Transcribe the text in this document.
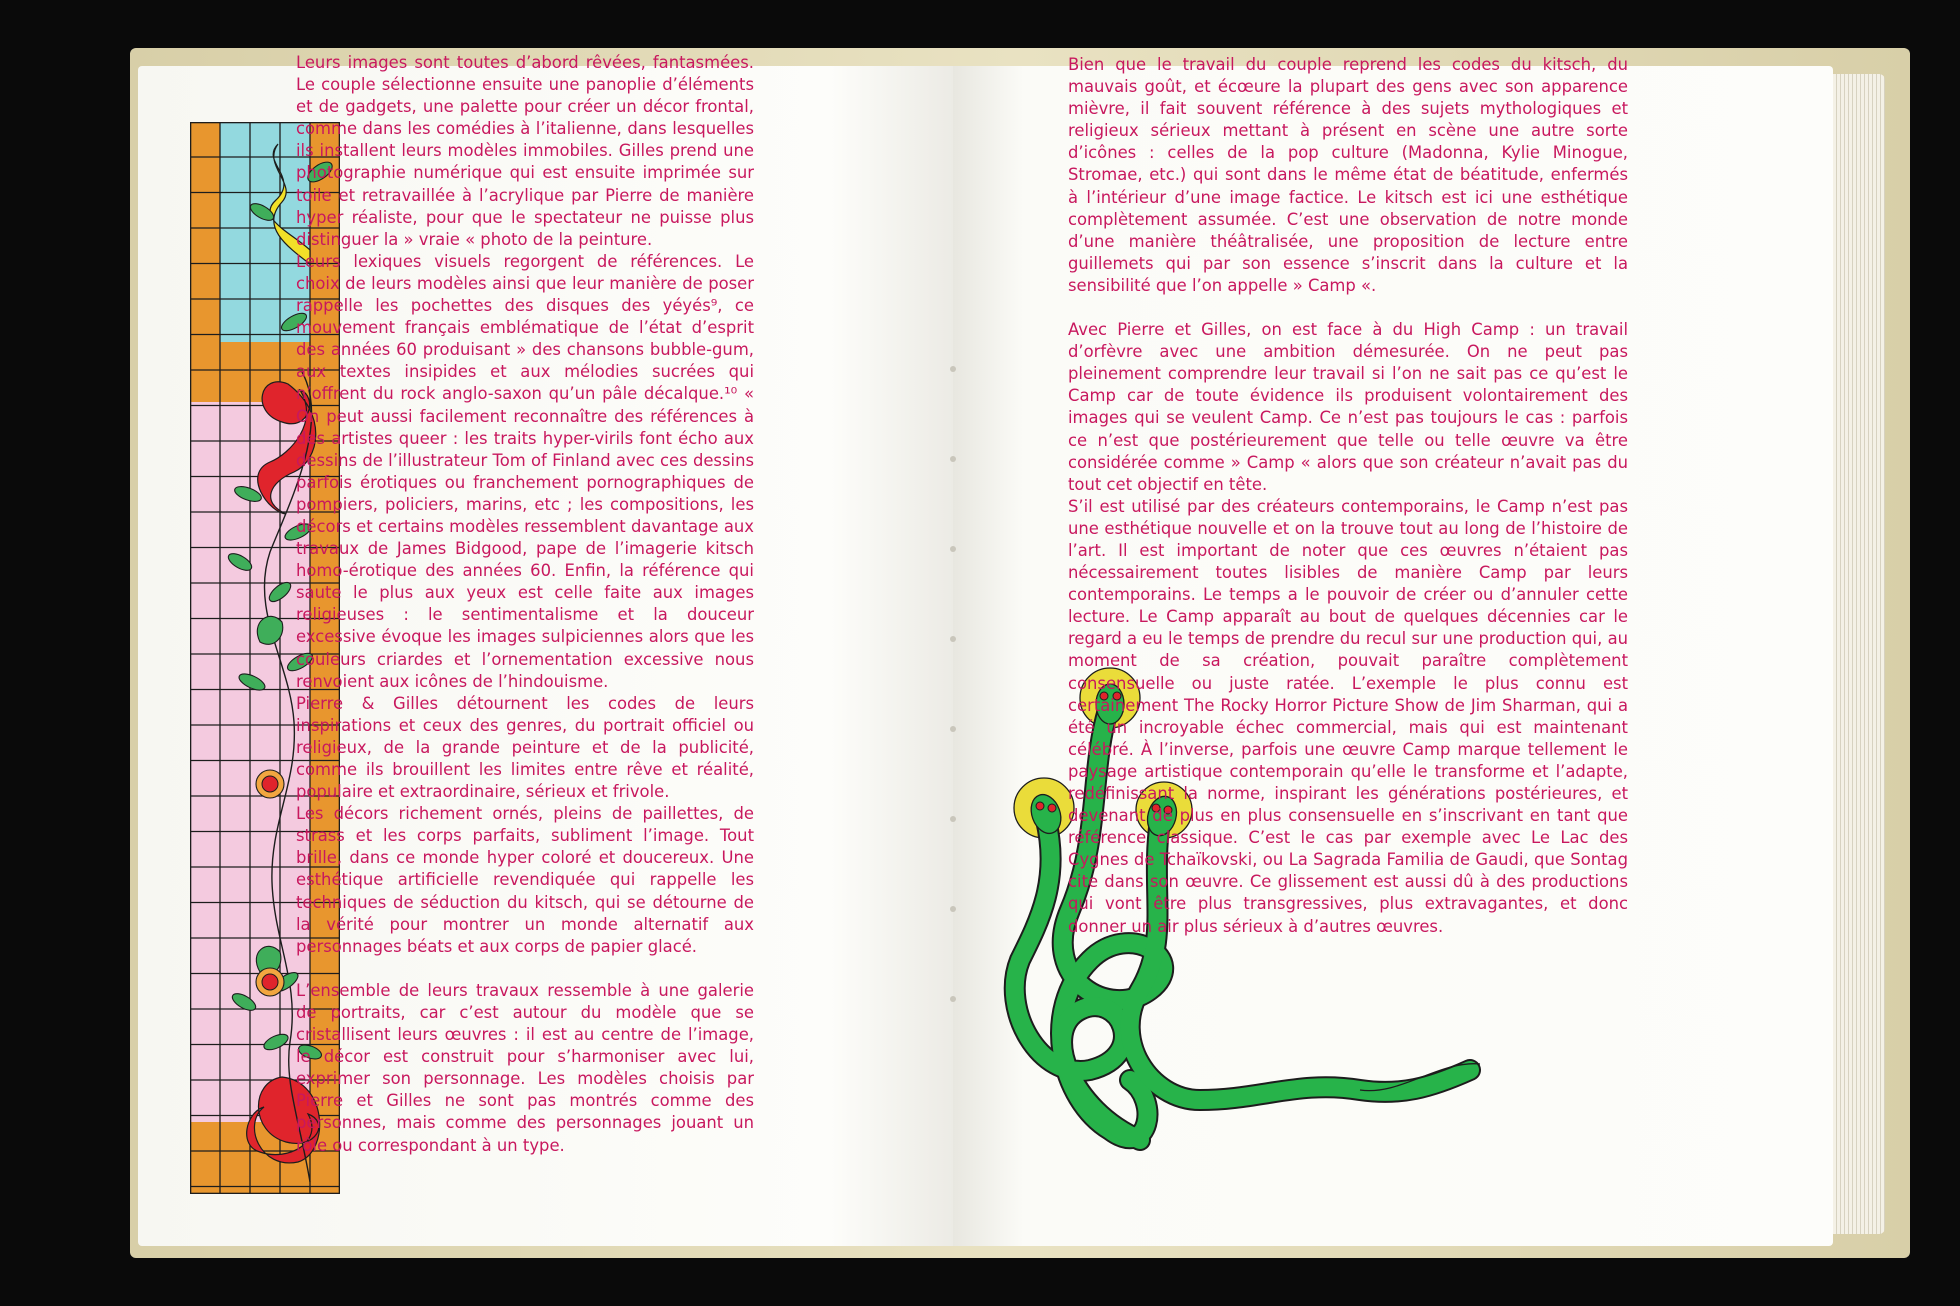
Leurs images sont toutes d’abord rêvées, fantasmées. Le couple sélectionne ensuite une panoplie d’éléments et de gadgets, une palette pour créer un décor frontal, comme dans les comédies à l’italienne, dans lesquelles ils installent leurs modèles immobiles. Gilles prend une photographie numérique qui est ensuite imprimée sur toile et retravaillée à l’acrylique par Pierre de manière hyper réaliste, pour que le spectateur ne puisse plus distinguer la » vraie « photo de la peinture.

Leurs lexiques visuels regorgent de références. Le choix de leurs modèles ainsi que leur manière de poser rappelle les pochettes des disques des yéyés⁹, ce mouvement français emblématique de l’état d’esprit des années 60 produisant » des chansons bubble-gum, aux textes insipides et aux mélodies sucrées qui n’offrent du rock anglo-saxon qu’un pâle décalque.¹⁰ « On peut aussi facilement reconnaître des références à des artistes queer : les traits hyper-virils font écho aux dessins de l’illustrateur Tom of Finland avec ces dessins parfois érotiques ou franchement pornographiques de pompiers, policiers, marins, etc ; les compositions, les décors et certains modèles ressemblent davantage aux travaux de James Bidgood, pape de l’imagerie kitsch homo-érotique des années 60. Enfin, la référence qui saute le plus aux yeux est celle faite aux images religieuses : le sentimentalisme et la douceur excessive évoque les images sulpiciennes alors que les couleurs criardes et l’ornementation excessive nous renvoient aux icônes de l’hindouisme.

Pierre & Gilles détournent les codes de leurs inspirations et ceux des genres, du portrait officiel ou religieux, de la grande peinture et de la publicité, comme ils brouillent les limites entre rêve et réalité, populaire et extraordinaire, sérieux et frivole.

Les décors richement ornés, pleins de paillettes, de strass et les corps parfaits, subliment l’image. Tout brille, dans ce monde hyper coloré et doucereux. Une esthétique artificielle revendiquée qui rappelle les techniques de séduction du kitsch, qui se détourne de la vérité pour montrer un monde alternatif aux personnages béats et aux corps de papier glacé.

L’ensemble de leurs travaux ressemble à une galerie de portraits, car c’est autour du modèle que se cristallisent leurs œuvres : il est au centre de l’image, le décor est construit pour s’harmoniser avec lui, exprimer son personnage. Les modèles choisis par Pierre et Gilles ne sont pas montrés comme des personnes, mais comme des personnages jouant un rôle ou correspondant à un type.

Bien que le travail du couple reprend les codes du kitsch, du mauvais goût, et écœure la plupart des gens avec son apparence mièvre, il fait souvent référence à des sujets mythologiques et religieux sérieux mettant à présent en scène une autre sorte d’icônes : celles de la pop culture (Madonna, Kylie Minogue, Stromae, etc.) qui sont dans le même état de béatitude, enfermés à l’intérieur d’une image factice. Le kitsch est ici une esthétique complètement assumée. C’est une observation de notre monde d’une manière théâtralisée, une proposition de lecture entre guillemets qui par son essence s’inscrit dans la culture et la sensibilité que l’on appelle » Camp «.

Avec Pierre et Gilles, on est face à du High Camp : un travail d’orfèvre avec une ambition démesurée. On ne peut pas pleinement comprendre leur travail si l’on ne sait pas ce qu’est le Camp car de toute évidence ils produisent volontairement des images qui se veulent Camp. Ce n’est pas toujours le cas : parfois ce n’est que postérieurement que telle ou telle œuvre va être considérée comme » Camp « alors que son créateur n’avait pas du tout cet objectif en tête.

S’il est utilisé par des créateurs contemporains, le Camp n’est pas une esthétique nouvelle et on la trouve tout au long de l’histoire de l’art. Il est important de noter que ces œuvres n’étaient pas nécessairement toutes lisibles de manière Camp par leurs contemporains. Le temps a le pouvoir de créer ou d’annuler cette lecture. Le Camp apparaît au bout de quelques décennies car le regard a eu le temps de prendre du recul sur une production qui, au moment de sa création, pouvait paraître complètement consensuelle ou juste ratée. L’exemple le plus connu est certainement The Rocky Horror Picture Show de Jim Sharman, qui a été un incroyable échec commercial, mais qui est maintenant célébré. À l’inverse, parfois une œuvre Camp marque tellement le paysage artistique contemporain qu’elle le transforme et l’adapte, redéfinissant la norme, inspirant les générations postérieures, et devenant de plus en plus consensuelle en s’inscrivant en tant que référence classique. C’est le cas par exemple avec Le Lac des Cygnes de Tchaïkovski, ou La Sagrada Familia de Gaudi, que Sontag cite dans son œuvre. Ce glissement est aussi dû à des productions qui vont être plus transgressives, plus extravagantes, et donc donner un air plus sérieux à d’autres œuvres.
